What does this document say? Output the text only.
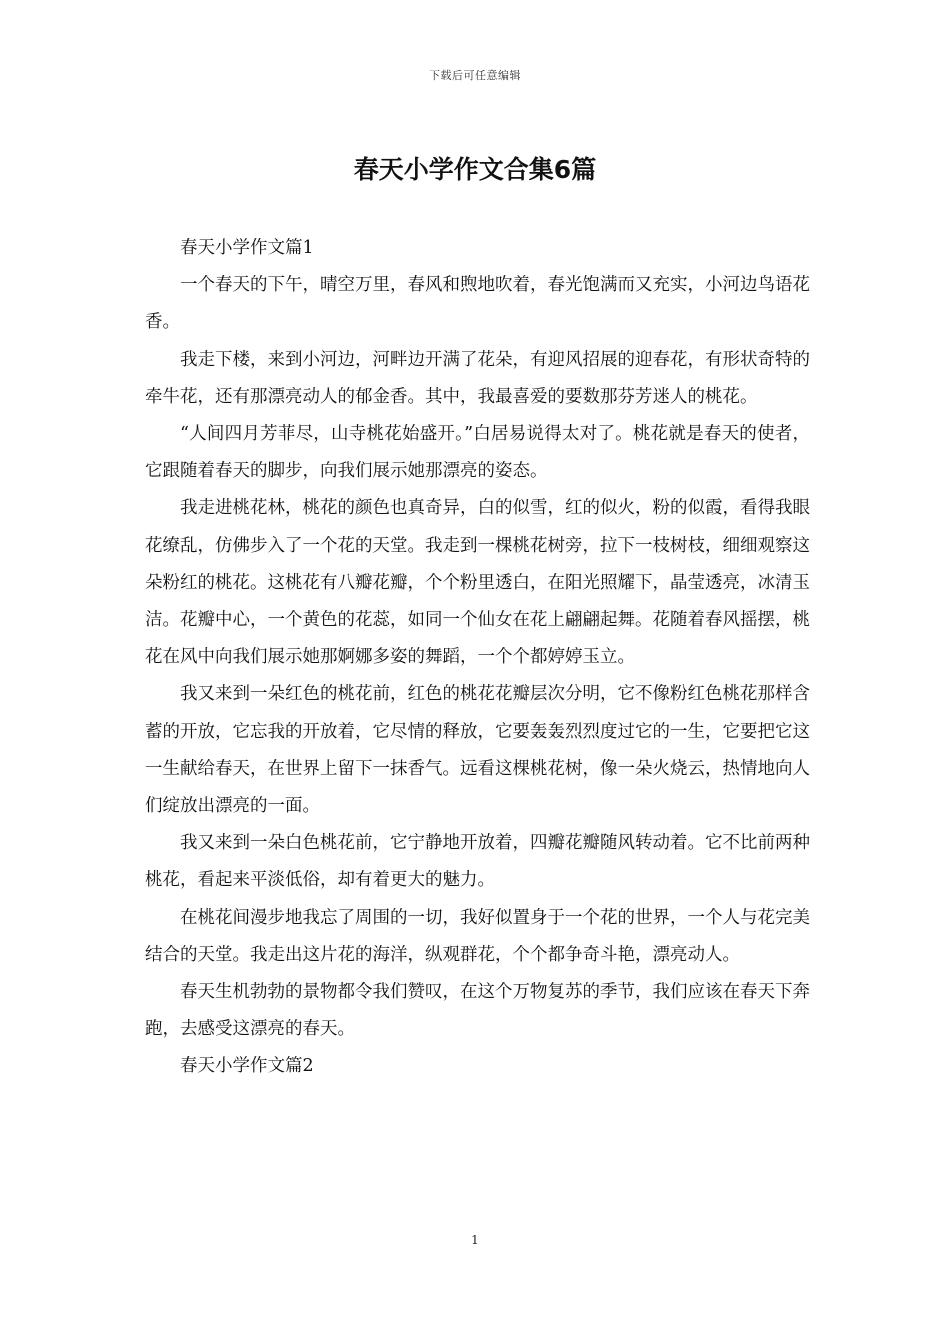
下载后可任意编辑
春天小学作文合集6篇

春天小学作文篇1

一个春天的下午，晴空万里，春风和煦地吹着，春光饱满而又充实，小河边鸟语花香。

我走下楼，来到小河边，河畔边开满了花朵，有迎风招展的迎春花，有形状奇特的牵牛花，还有那漂亮动人的郁金香。其中，我最喜爱的要数那芬芳迷人的桃花。

“人间四月芳菲尽，山寺桃花始盛开。”白居易说得太对了。桃花就是春天的使者，它跟随着春天的脚步，向我们展示她那漂亮的姿态。

我走进桃花林，桃花的颜色也真奇异，白的似雪，红的似火，粉的似霞，看得我眼花缭乱，仿佛步入了一个花的天堂。我走到一棵桃花树旁，拉下一枝树枝，细细观察这朵粉红的桃花。这桃花有八瓣花瓣，个个粉里透白，在阳光照耀下，晶莹透亮，冰清玉洁。花瓣中心，一个黄色的花蕊，如同一个仙女在花上翩翩起舞。花随着春风摇摆，桃花在风中向我们展示她那婀娜多姿的舞蹈，一个个都婷婷玉立。

我又来到一朵红色的桃花前，红色的桃花花瓣层次分明，它不像粉红色桃花那样含蓄的开放，它忘我的开放着，它尽情的释放，它要轰轰烈烈度过它的一生，它要把它这一生献给春天，在世界上留下一抹香气。远看这棵桃花树，像一朵火烧云，热情地向人们绽放出漂亮的一面。

我又来到一朵白色桃花前，它宁静地开放着，四瓣花瓣随风转动着。它不比前两种桃花，看起来平淡低俗，却有着更大的魅力。

在桃花间漫步地我忘了周围的一切，我好似置身于一个花的世界，一个人与花完美结合的天堂。我走出这片花的海洋，纵观群花，个个都争奇斗艳，漂亮动人。

春天生机勃勃的景物都令我们赞叹，在这个万物复苏的季节，我们应该在春天下奔跑，去感受这漂亮的春天。

春天小学作文篇2

1
